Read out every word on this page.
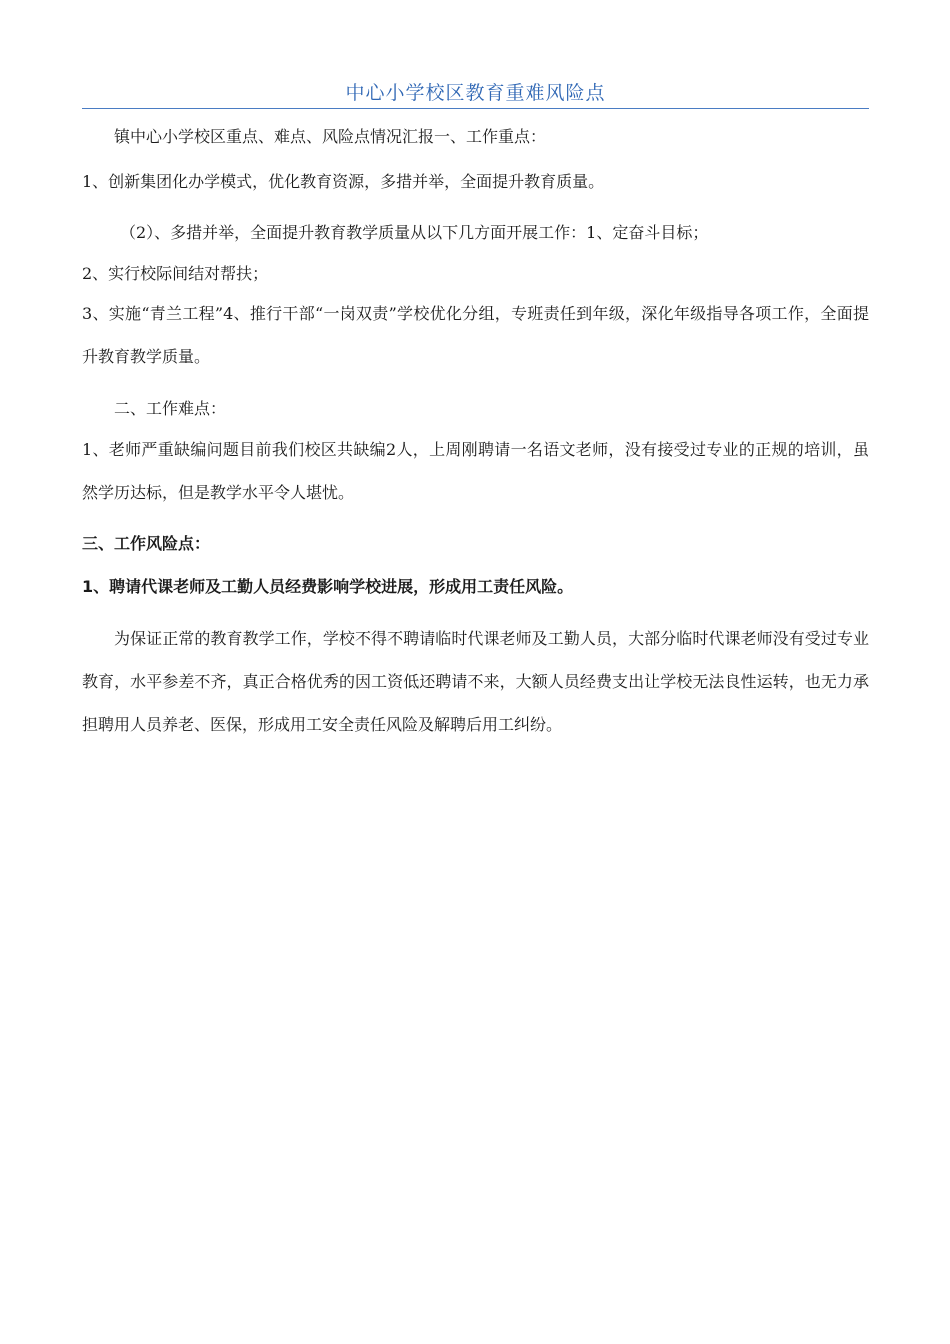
中心小学校区教育重难风险点
镇中心小学校区重点、难点、风险点情况汇报一、工作重点：
1、创新集团化办学模式，优化教育资源，多措并举，全面提升教育质量。
（2）、多措并举，全面提升教育教学质量从以下几方面开展工作：1、定奋斗目标；
2、实行校际间结对帮扶；
3、实施“青兰工程”4、推行干部“一岗双责”学校优化分组，专班责任到年级，深化年级指导各项工作，全面提升教育教学质量。
二、工作难点：
1、老师严重缺编问题目前我们校区共缺编2人，上周刚聘请一名语文老师，没有接受过专业的正规的培训，虽然学历达标，但是教学水平令人堪忧。
三、工作风险点：
1、聘请代课老师及工勤人员经费影响学校进展，形成用工责任风险。
为保证正常的教育教学工作，学校不得不聘请临时代课老师及工勤人员，大部分临时代课老师没有受过专业教育，水平参差不齐，真正合格优秀的因工资低还聘请不来，大额人员经费支出让学校无法良性运转，也无力承担聘用人员养老、医保，形成用工安全责任风险及解聘后用工纠纷。
